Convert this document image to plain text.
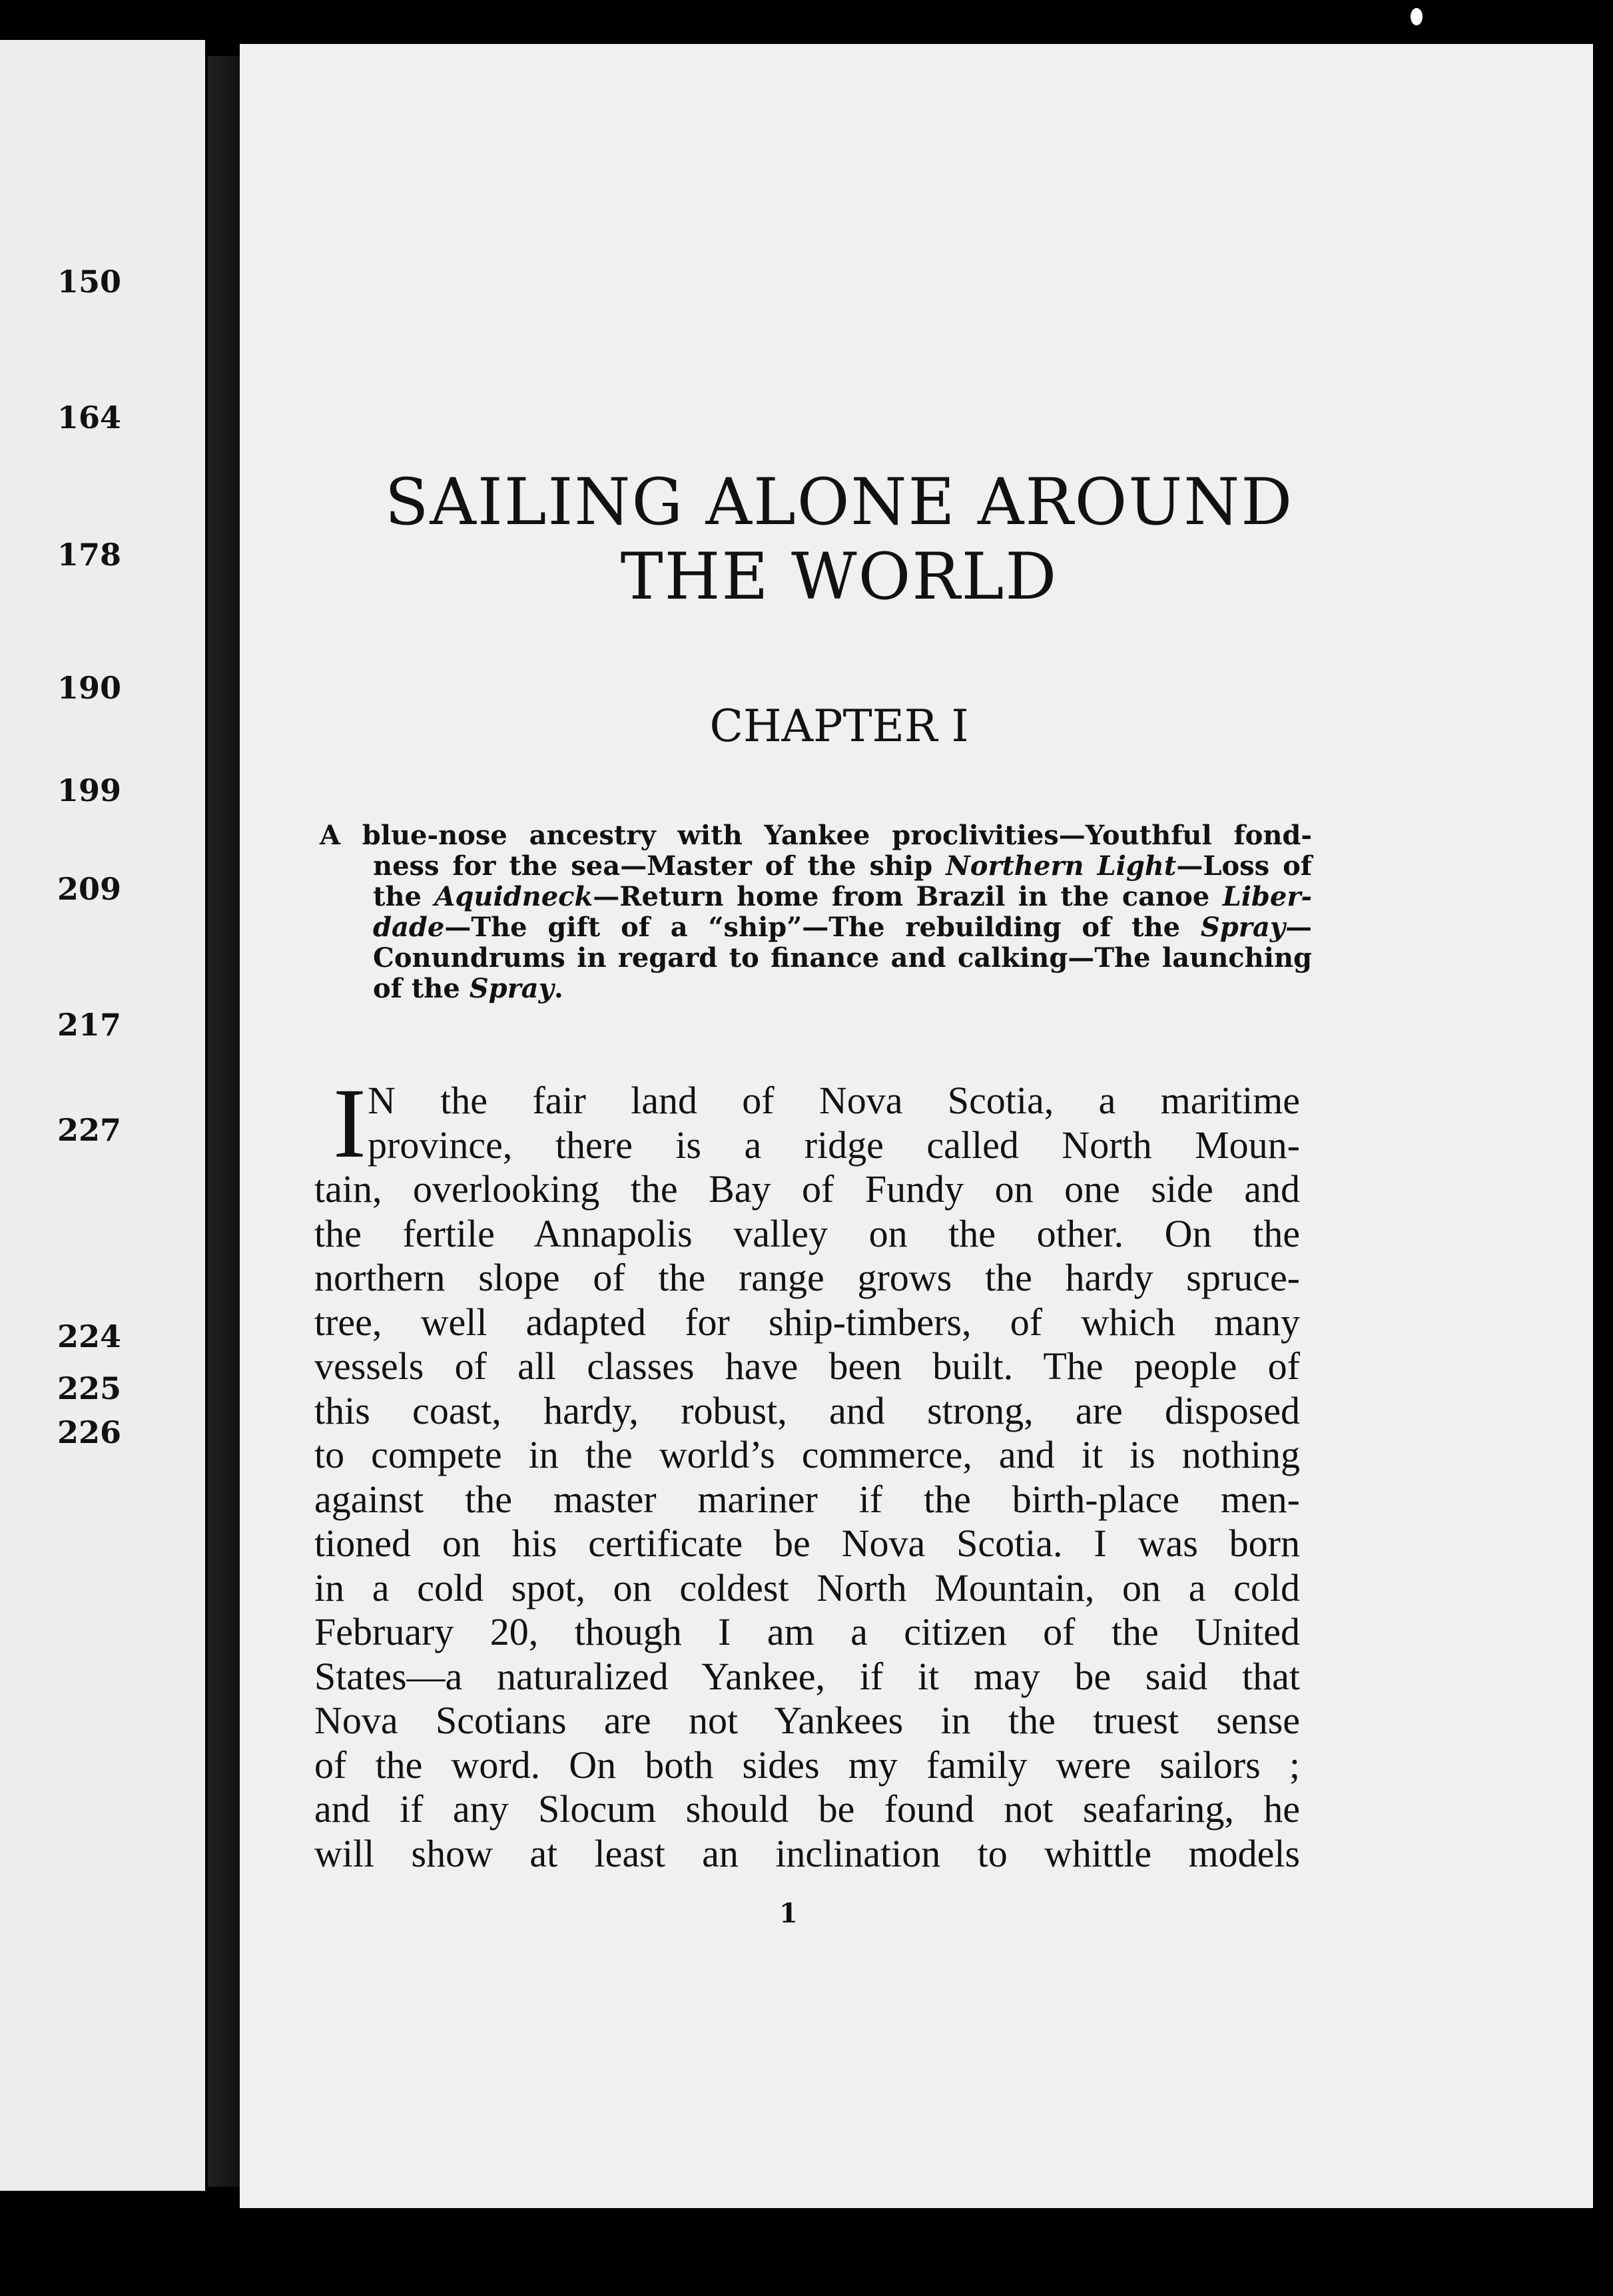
150
164
178
190
199
209
217
227
224
225
226
SAILING ALONE AROUND
THE WORLD
CHAPTER I
A blue-nose ancestry with Yankee proclivities—Youthful fond-
ness for the sea—Master of the ship Northern Light—Loss of
the Aquidneck—Return home from Brazil in the canoe Liber-
dade—The gift of a “ship”—The rebuilding of the Spray—
Conundrums in regard to finance and calking—The launching
of the Spray.
I N the fair land of Nova Scotia, a maritime
province, there is a ridge called North Moun-
tain, overlooking the Bay of Fundy on one side and
the fertile Annapolis valley on the other. On the
northern slope of the range grows the hardy spruce-
tree, well adapted for ship-timbers, of which many
vessels of all classes have been built. The people of
this coast, hardy, robust, and strong, are disposed
to compete in the world’s commerce, and it is nothing
against the master mariner if the birth-place men-
tioned on his certificate be Nova Scotia. I was born
in a cold spot, on coldest North Mountain, on a cold
February 20, though I am a citizen of the United
States—a naturalized Yankee, if it may be said that
Nova Scotians are not Yankees in the truest sense
of the word. On both sides my family were sailors ;
and if any Slocum should be found not seafaring, he
will show at least an inclination to whittle models
1
